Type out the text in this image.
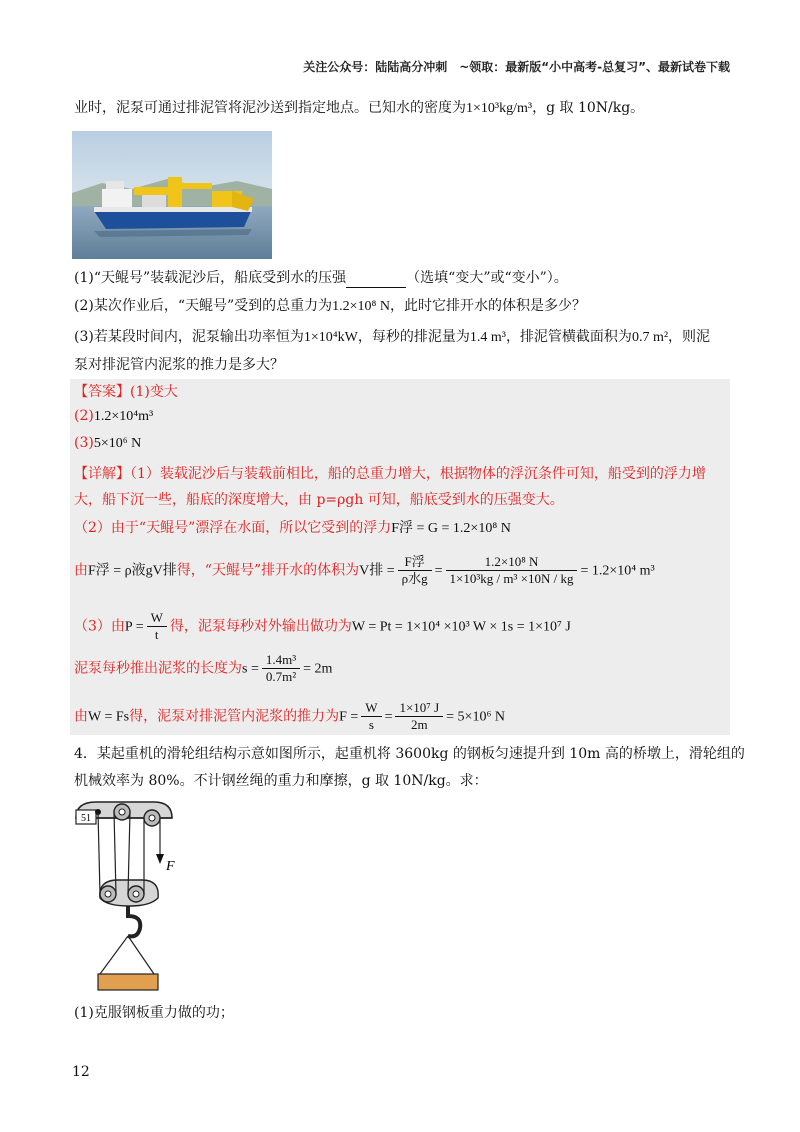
关注公众号：陆陆高分冲刺　~领取：最新版“小中高考-总复习”、最新试卷下载
业时，泥泵可通过排泥管将泥沙送到指定地点。已知水的密度为1×10³kg/m³，g 取 10N/kg。
(1)“天鲲号”装载泥沙后，船底受到水的压强	（选填“变大”或“变小”）。
(2)某次作业后，“天鲲号”受到的总重力为1.2×10⁸ N，此时它排开水的体积是多少？
(3)若某段时间内，泥泵输出功率恒为1×10⁴kW，每秒的排泥量为1.4 m³，排泥管横截面积为0.7 m²，则泥
泵对排泥管内泥浆的推力是多大？
【答案】(1)变大
(2)1.2×10⁴m³
(3)5×10⁶ N
【详解】（1）装载泥沙后与装载前相比，船的总重力增大，根据物体的浮沉条件可知，船受到的浮力增
大，船下沉一些，船底的深度增大，由 p=ρgh 可知，船底受到水的压强变大。
（2）由于“天鲲号”漂浮在水面，所以它受到的浮力F浮 = G = 1.2×10⁸ N
由F浮 = ρ液gV排得，“天鲲号”排开水的体积为V排 = $\frac{\text{F浮}}{\text{ρ水g}} = \frac{\text{1.2×10⁸ N}}{\text{1×10³kg / m³ ×10N / kg}} = 1.2\times 10^4$ m³
（3）由$P = \frac{W}{t}$ 得，泥泵每秒对外输出做功为W = Pt = 1×10⁴ ×10³ W × 1s = 1×10⁷ J
泥泵每秒推出泥浆的长度为$s = \frac{\text{1.4m³}}{\text{0.7m²}} = 2m$
由W = Fs得，泥泵对排泥管内泥浆的推力为$F = \frac{W}{s} = \frac{\text{1×10⁷ J}}{2m} = 5\times 10^6$ N
4．某起重机的滑轮组结构示意如图所示，起重机将 3600kg 的钢板匀速提升到 10m 高的桥墩上，滑轮组的
机械效率为 80%。不计钢丝绳的重力和摩擦，g 取 10N/kg。求：
51
F
(1)克服钢板重力做的功；
12
